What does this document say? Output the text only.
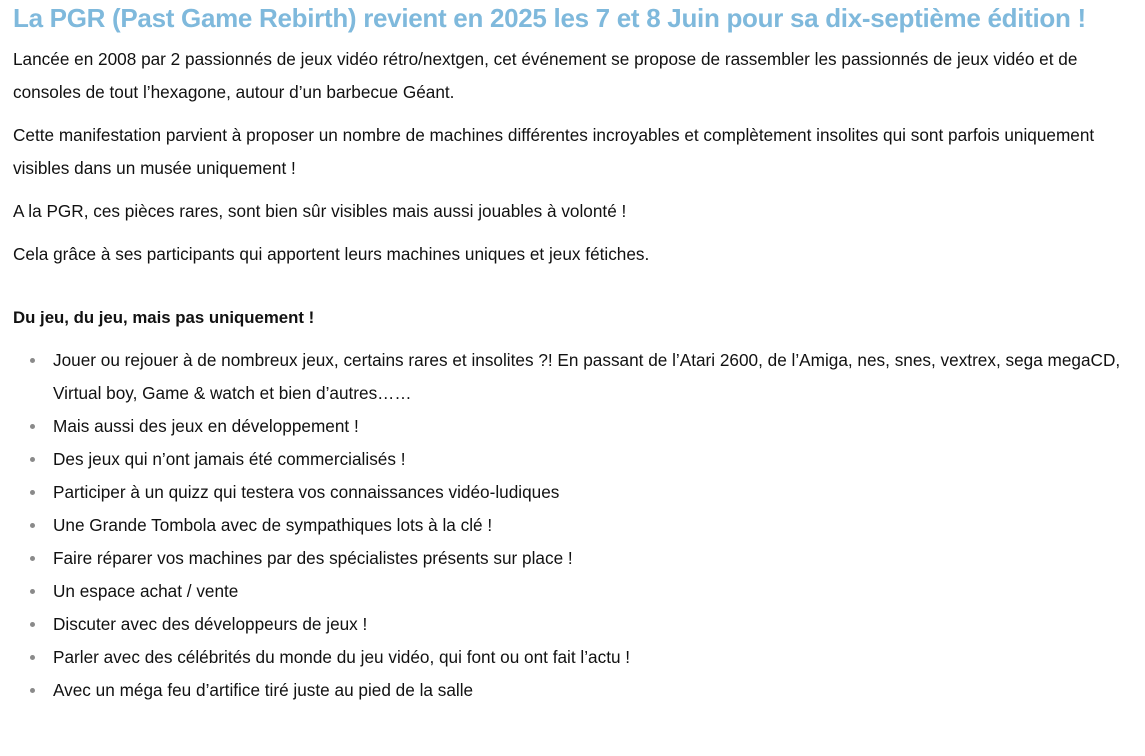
La PGR (Past Game Rebirth) revient en 2025 les 7 et 8 Juin pour sa dix-septième édition !

Lancée en 2008 par 2 passionnés de jeux vidéo rétro/nextgen, cet événement se propose de rassembler les passionnés de jeux vidéo et de consoles de tout l’hexagone, autour d’un barbecue Géant.

Cette manifestation parvient à proposer un nombre de machines différentes incroyables et complètement insolites qui sont parfois uniquement visibles dans un musée uniquement !

A la PGR, ces pièces rares, sont bien sûr visibles mais aussi jouables à volonté !

Cela grâce à ses participants qui apportent leurs machines uniques et jeux fétiches.

Du jeu, du jeu, mais pas uniquement !

Jouer ou rejouer à de nombreux jeux, certains rares et insolites ?! En passant de l’Atari 2600, de l’Amiga, nes, snes, vextrex, sega megaCD, Virtual boy, Game & watch et bien d’autres……
Mais aussi des jeux en développement !
Des jeux qui n’ont jamais été commercialisés !
Participer à un quizz qui testera vos connaissances vidéo-ludiques
Une Grande Tombola avec de sympathiques lots à la clé !
Faire réparer vos machines par des spécialistes présents sur place !
Un espace achat / vente
Discuter avec des développeurs de jeux !
Parler avec des célébrités du monde du jeu vidéo, qui font ou ont fait l’actu !
Avec un méga feu d’artifice tiré juste au pied de la salle
